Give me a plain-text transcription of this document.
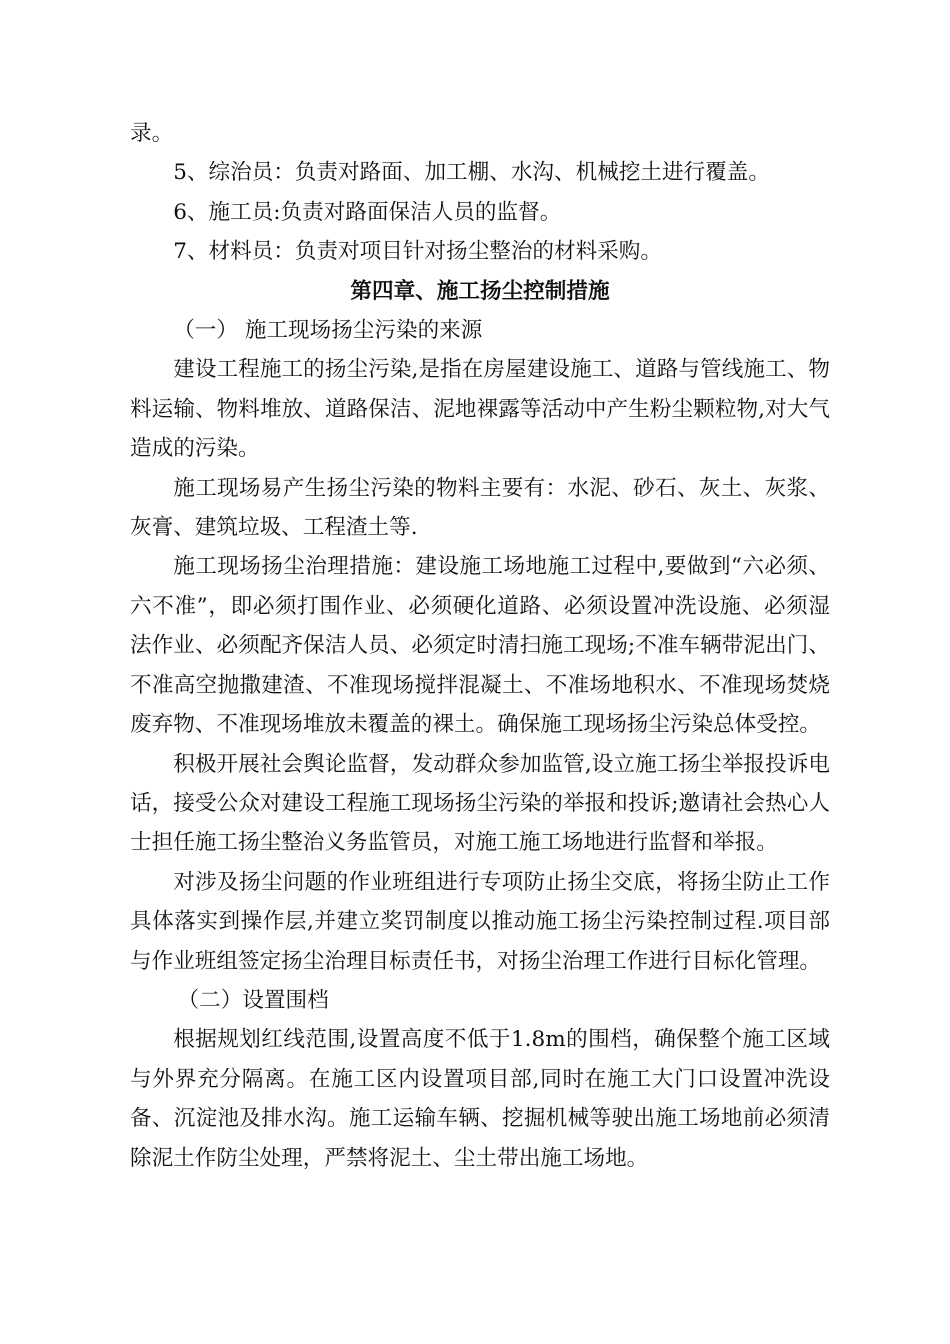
录。

5、综治员：负责对路面、加工棚、水沟、机械挖土进行覆盖。

6、施工员:负责对路面保洁人员的监督。

7、材料员：负责对项目针对扬尘整治的材料采购。

第四章、施工扬尘控制措施

（一） 施工现场扬尘污染的来源

建设工程施工的扬尘污染,是指在房屋建设施工、道路与管线施工、物料运输、物料堆放、道路保洁、泥地裸露等活动中产生粉尘颗粒物,对大气造成的污染。

施工现场易产生扬尘污染的物料主要有：水泥、砂石、灰土、灰浆、灰膏、建筑垃圾、工程渣土等.

施工现场扬尘治理措施：建设施工场地施工过程中,要做到“六必须、六不准”，即必须打围作业、必须硬化道路、必须设置冲洗设施、必须湿法作业、必须配齐保洁人员、必须定时清扫施工现场;不准车辆带泥出门、不准高空抛撒建渣、不准现场搅拌混凝土、不准场地积水、不准现场焚烧废弃物、不准现场堆放未覆盖的裸土。确保施工现场扬尘污染总体受控。

积极开展社会舆论监督，发动群众参加监管,设立施工扬尘举报投诉电话，接受公众对建设工程施工现场扬尘污染的举报和投诉;邀请社会热心人士担任施工扬尘整治义务监管员，对施工施工场地进行监督和举报。

对涉及扬尘问题的作业班组进行专项防止扬尘交底，将扬尘防止工作具体落实到操作层,并建立奖罚制度以推动施工扬尘污染控制过程.项目部与作业班组签定扬尘治理目标责任书，对扬尘治理工作进行目标化管理。

（二）设置围档

根据规划红线范围,设置高度不低于1.8m的围档，确保整个施工区域与外界充分隔离。在施工区内设置项目部,同时在施工大门口设置冲洗设备、沉淀池及排水沟。施工运输车辆、挖掘机械等驶出施工场地前必须清除泥土作防尘处理，严禁将泥土、尘土带出施工场地。
